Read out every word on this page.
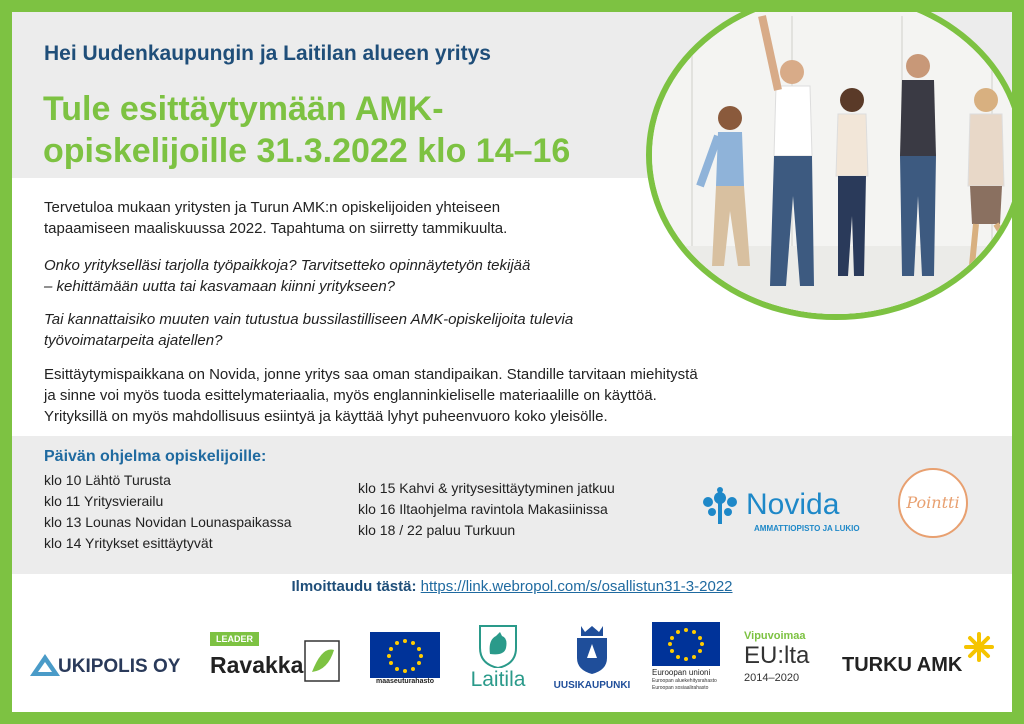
Hei Uudenkaupungin ja Laitilan alueen yritys
Tule esittäytymään AMK-
opiskelijoille 31.3.2022 klo 14–16
Tervetuloa mukaan yritysten ja Turun AMK:n opiskelijoiden yhteiseen
tapaamiseen maaliskuussa 2022. Tapahtuma on siirretty tammikuulta.
Onko yritykselläsi tarjolla työpaikkoja? Tarvitsetteko opinnäytetyön tekijää
– kehittämään uutta tai kasvamaan kiinni yritykseen?
Tai kannattaisiko muuten vain tutustua bussilastilliseen AMK-opiskelijoita tulevia
työvoimatarpeita ajatellen?
Esittäytymispaikkana on Novida, jonne yritys saa oman standipaikan. Standille tarvitaan miehitystä
ja sinne voi myös tuoda esittelymateriaalia, myös englanninkieliselle materiaalille on käyttöä.
Yrityksillä on myös mahdollisuus esiintyä ja käyttää lyhyt puheenvuoro koko yleisölle.
Päivän ohjelma opiskelijoille:
klo 10 Lähtö Turusta
klo 11 Yritysvierailu
klo 13 Lounas Novidan Lounaspaikassa
klo 14 Yritykset esittäytyvät
klo 15 Kahvi & yritysesittäytyminen jatkuu
klo 16 Iltaohjelma ravintola Makasiinissa
klo 18 / 22 paluu Turkuun
Novida
AMMATTIOPISTO JA LUKIO
Pointti
Ilmoittaudu tästä: https://link.webropol.com/s/osallistun31-3-2022
UKIPOLIS OY
LEADER
Ravakka
maaseuturahasto	Laitila	UUSIKAUPUNKI
Euroopan unioni
Euroopan aluekehitysrahasto
Euroopan sosiaalirahasto
Vipuvoimaa
EU:lta
2014–2020
TURKU AMK
